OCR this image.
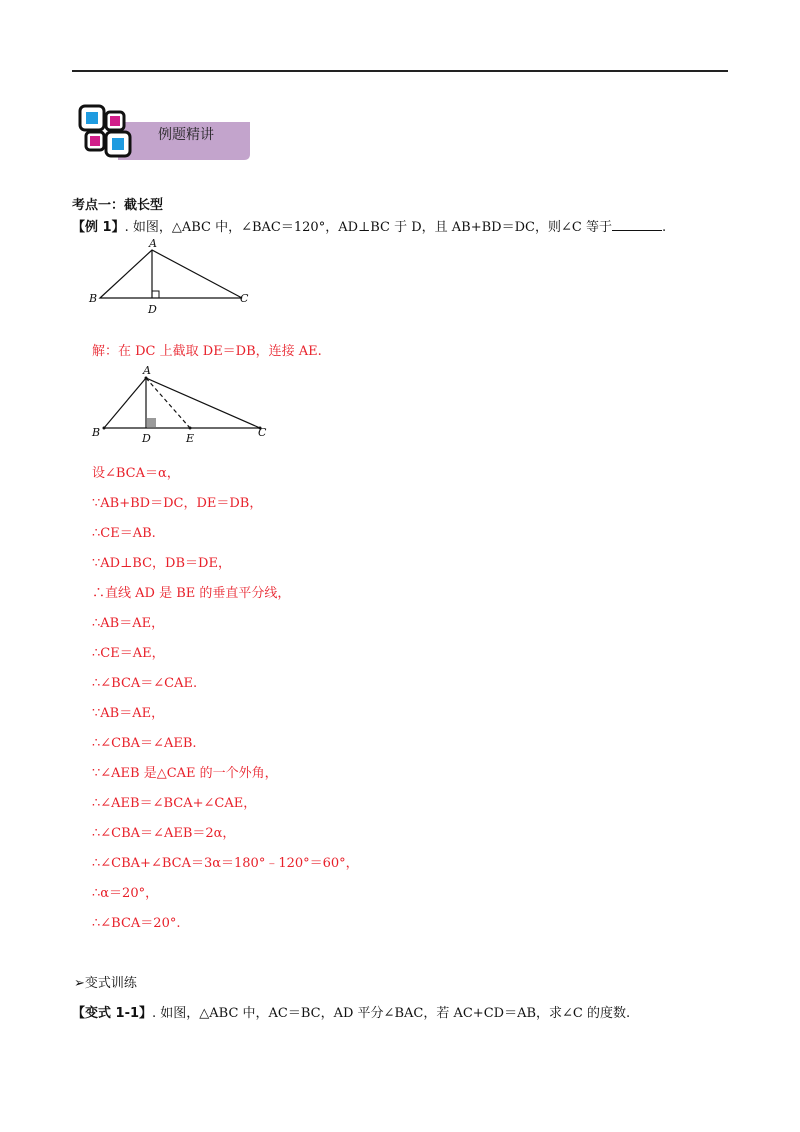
例题精讲
考点一：截长型
【例 1】. 如图，△ABC 中，∠BAC＝120°，AD⊥BC 于 D，且 AB+BD＝DC，则∠C 等于	.
A
B	C
D
解：在 DC 上截取 DE＝DB，连接 AE.
A
B	C
D	E
设∠BCA＝α，
∵AB+BD＝DC，DE＝DB，
∴CE＝AB.
∵AD⊥BC，DB＝DE，
∴直线 AD 是 BE 的垂直平分线，
∴AB＝AE，
∴CE＝AE，
∴∠BCA＝∠CAE.
∵AB＝AE，
∴∠CBA＝∠AEB.
∵∠AEB 是△CAE 的一个外角，
∴∠AEB＝∠BCA+∠CAE，
∴∠CBA＝∠AEB＝2α，
∴∠CBA+∠BCA＝3α＝180°﹣120°＝60°，
∴α＝20°，
∴∠BCA＝20°.
➢变式训练
【变式 1-1】. 如图，△ABC 中，AC＝BC，AD 平分∠BAC，若 AC+CD＝AB，求∠C 的度数.
